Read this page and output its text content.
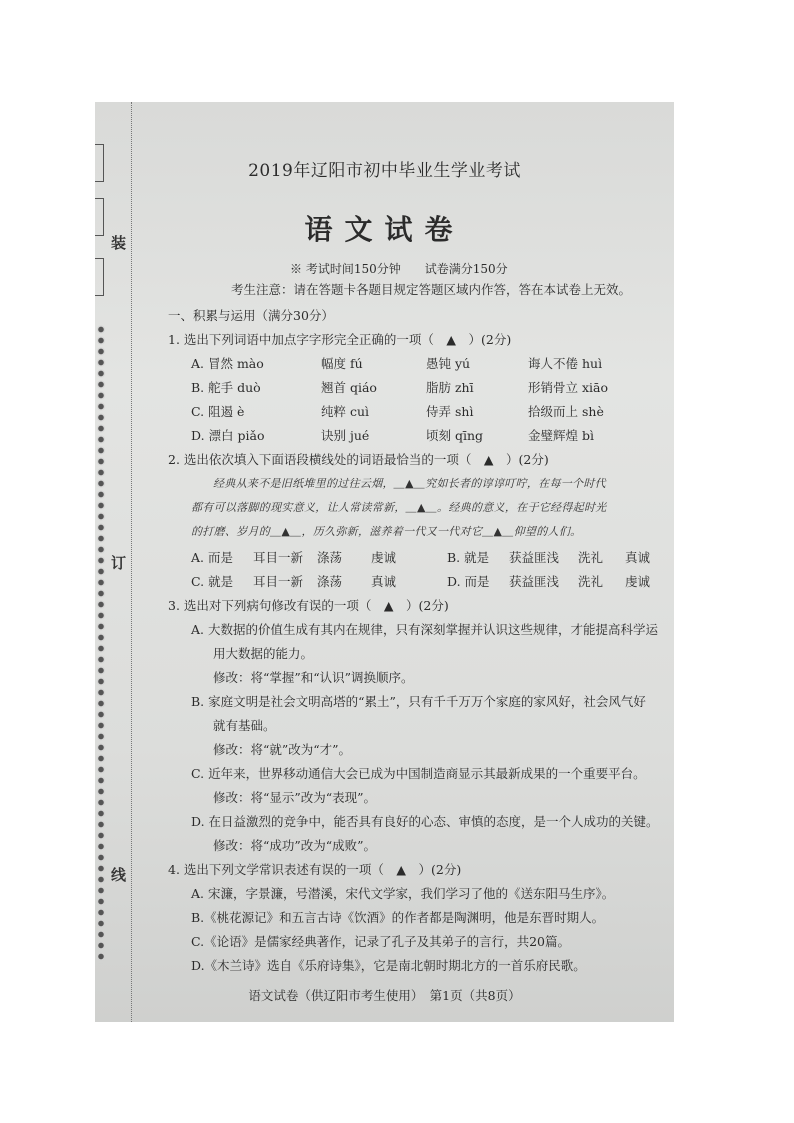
装
订
线
2019年辽阳市初中毕业生学业考试
语文试卷
※ 考试时间150分钟　　试卷满分150分
考生注意：请在答题卡各题目规定答题区域内作答，答在本试卷上无效。
一、积累与运用（满分30分）
1. 选出下列词语中加点字字形完全正确的一项（　▲　）(2分)
A. 冒然 mào	幅度 fú	愚钝 yú	诲人不倦 huì
B. 舵手 duò	翘首 qiáo	脂肪 zhī	形销骨立 xiāo
C. 阻遏 è	纯粹 cuì	侍弄 shì	拾级而上 shè
D. 漂白 piǎo	诀别 jué	顷刻 qīng	金璧辉煌 bì
2. 选出依次填入下面语段横线处的词语最恰当的一项（　▲　）(2分)
经典从来不是旧纸堆里的过往云烟，＿▲＿究如长者的谆谆叮咛，在每一个时代
都有可以落脚的现实意义，让人常读常新，＿▲＿。经典的意义，在于它经得起时光
的打磨、岁月的＿▲＿，历久弥新，滋养着一代又一代对它＿▲＿仰望的人们。
A. 而是 耳目一新 涤荡 虔诚	B. 就是 获益匪浅 洗礼 真诚
C. 就是 耳目一新 涤荡 真诚	D. 而是 获益匪浅 洗礼 虔诚
3. 选出对下列病句修改有误的一项（　▲　）(2分)
A. 大数据的价值生成有其内在规律，只有深刻掌握并认识这些规律，才能提高科学运
用大数据的能力。
修改：将“掌握”和“认识”调换顺序。
B. 家庭文明是社会文明高塔的“累土”，只有千千万万个家庭的家风好，社会风气好
就有基础。
修改：将“就”改为“才”。
C. 近年来，世界移动通信大会已成为中国制造商显示其最新成果的一个重要平台。
修改：将“显示”改为“表现”。
D. 在日益激烈的竞争中，能否具有良好的心态、审慎的态度，是一个人成功的关键。
修改：将“成功”改为“成败”。
4. 选出下列文学常识表述有误的一项（　▲　）(2分)
A. 宋濂，字景濂，号潜溪，宋代文学家，我们学习了他的《送东阳马生序》。
B.《桃花源记》和五言古诗《饮酒》的作者都是陶渊明，他是东晋时期人。
C.《论语》是儒家经典著作，记录了孔子及其弟子的言行，共20篇。
D.《木兰诗》选自《乐府诗集》，它是南北朝时期北方的一首乐府民歌。
语文试卷（供辽阳市考生使用）　第1页（共8页）
